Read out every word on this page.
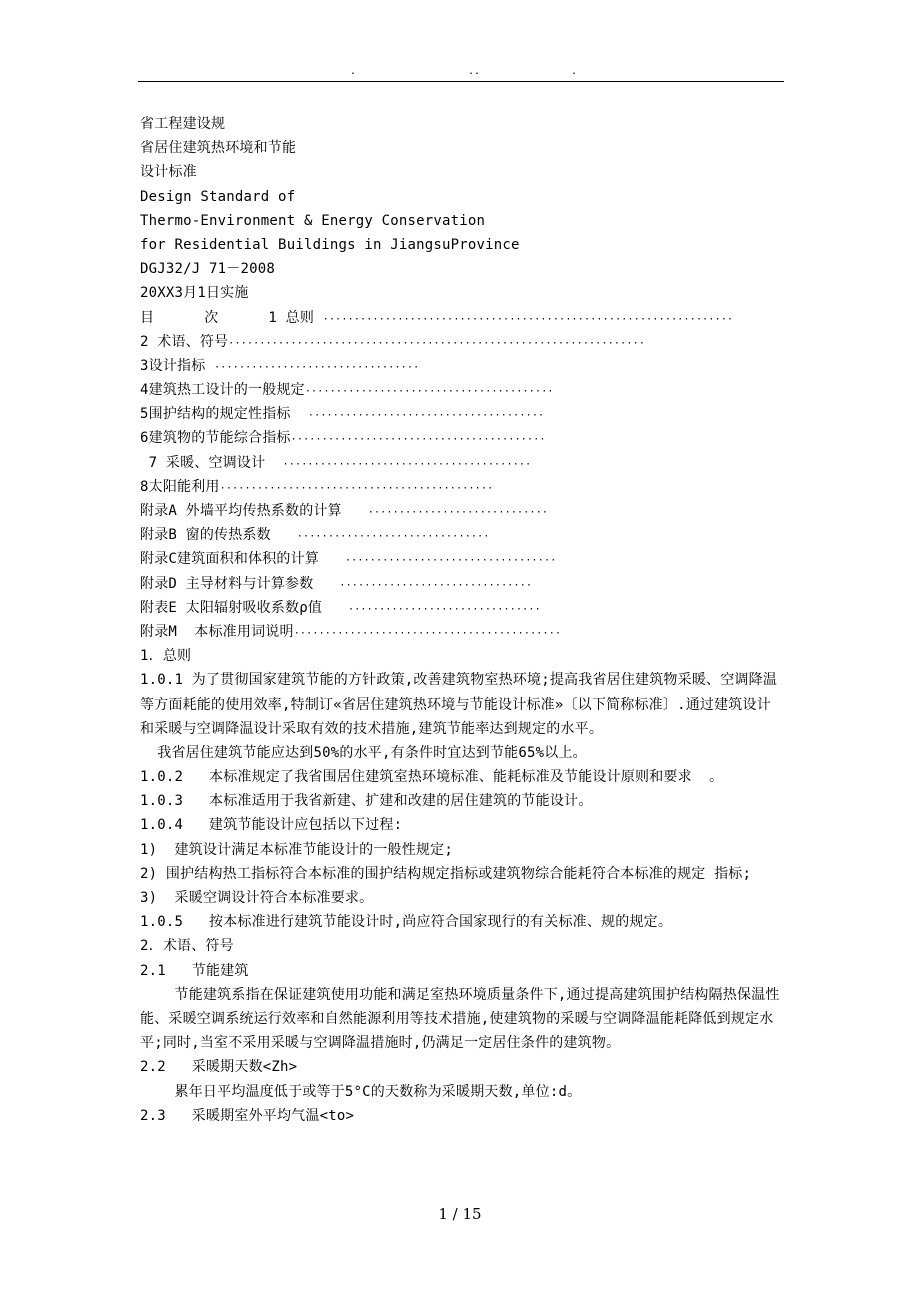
.	..	.
省工程建设规
省居住建筑热环境和节能
设计标准
Design Standard of
Thermo-Environment & Energy Conservation
for Residential Buildings in JiangsuProvince
DGJ32/J 71－2008
20XX3月1日实施
目	次	1 总则 ··································································
2 术语、符号···································································
3设计指标 ·································
4建筑热工设计的一般规定········································
5围护结构的规定性指标  ······································
6建筑物的节能综合指标·········································
7 采暖、空调设计  ········································
8太阳能利用············································
附录A 外墙平均传热系数的计算   ·····························
附录B 窗的传热系数   ·······························
附录C建筑面积和体积的计算   ··································
附录D 主导材料与计算参数   ·······························
附表E 太阳辐射吸收系数ρ值   ·······························
附录M  本标准用词说明···········································
1．总则
1.0.1 为了贯彻国家建筑节能的方针政策,改善建筑物室热环境;提高我省居住建筑物采暖、空调降温等方面耗能的使用效率,特制订«省居住建筑热环境与节能设计标准»〔以下简称标准〕.通过建筑设计和采暖与空调降温设计采取有效的技术措施,建筑节能率达到规定的水平。
我省居住建筑节能应达到50%的水平,有条件时宜达到节能65%以上。
1.0.2   本标准规定了我省围居住建筑室热环境标准、能耗标准及节能设计原则和要求  。
1.0.3   本标准适用于我省新建、扩建和改建的居住建筑的节能设计。
1.0.4   建筑节能设计应包括以下过程:
1)  建筑设计满足本标准节能设计的一般性规定;
2) 围护结构热工指标符合本标准的围护结构规定指标或建筑物综合能耗符合本标准的规定 指标;
3)  采暖空调设计符合本标准要求。
1.0.5   按本标准进行建筑节能设计时,尚应符合国家现行的有关标准、规的规定。
2．术语、符号
2.1   节能建筑
节能建筑系指在保证建筑使用功能和满足室热环境质量条件下,通过提高建筑围护结构隔热保温性能、采暖空调系统运行效率和自然能源利用等技术措施,使建筑物的采暖与空调降温能耗降低到规定水平;同时,当室不采用采暖与空调降温措施时,仍满足一定居住条件的建筑物。
2.2   采暖期天数<Zh>
累年日平均温度低于或等于5°C的天数称为采暖期天数,单位:d。
2.3   采暖期室外平均气温<to>
1 / 15
